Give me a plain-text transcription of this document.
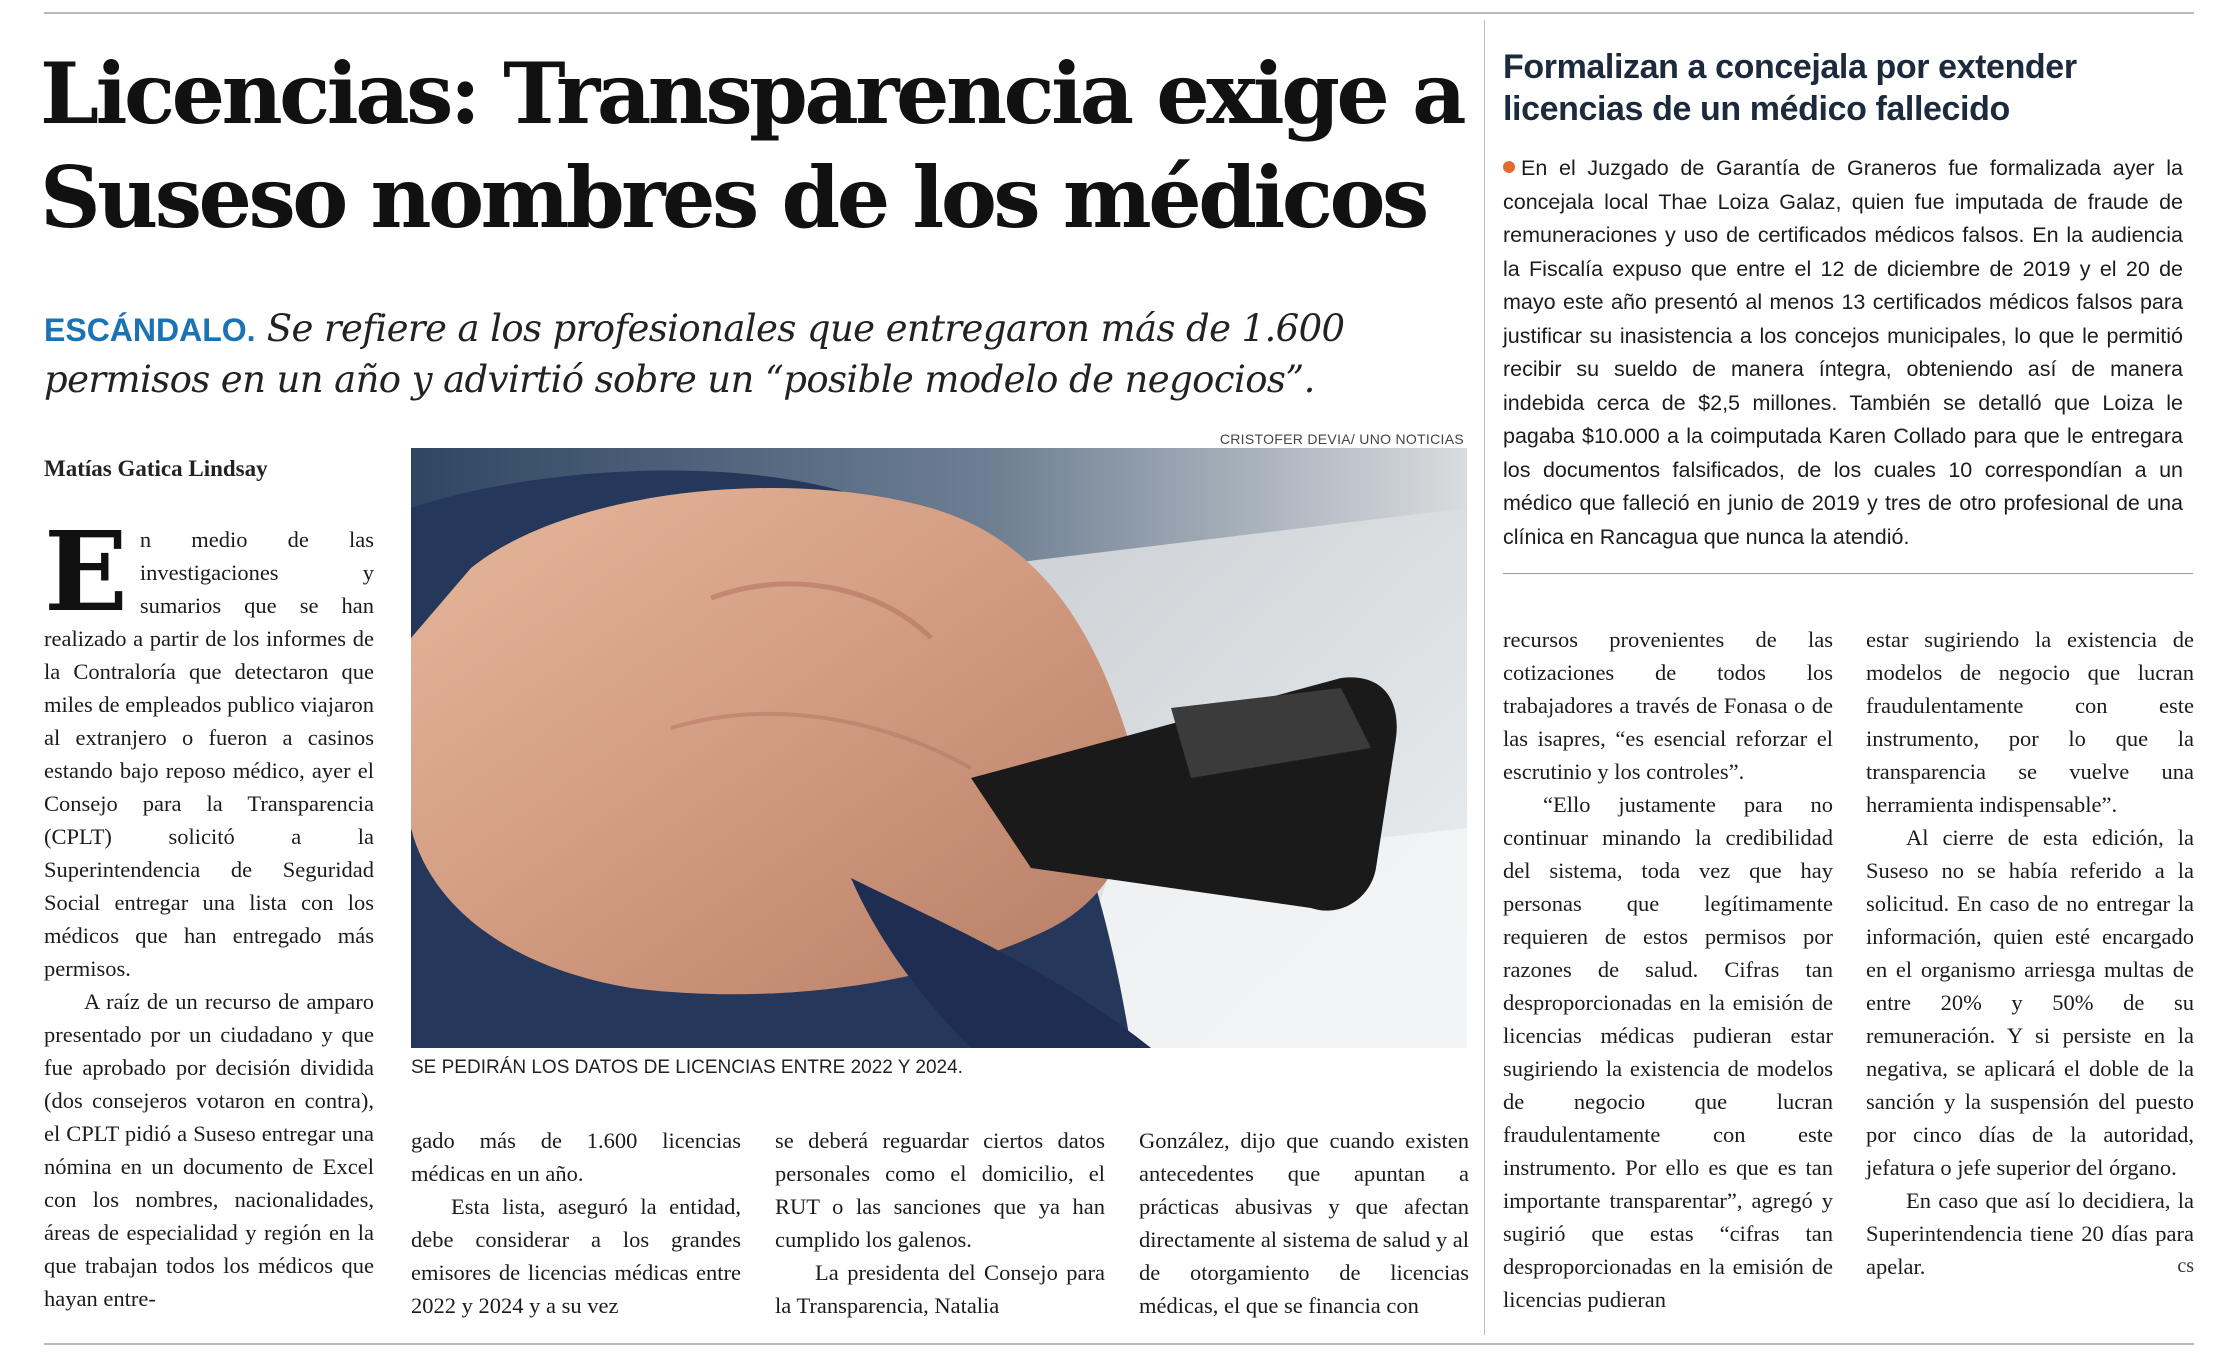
Licencias: Transparencia exige a Suseso nombres de los médicos
ESCÁNDALO. Se refiere a los profesionales que entregaron más de 1.600 permisos en un año y advirtió sobre un “posible modelo de negocios”.
Matías Gatica Lindsay
CRISTOFER DEVIA/ UNO NOTICIAS
SE PEDIRÁN LOS DATOS DE LICENCIAS ENTRE 2022 Y 2024.
E n medio de las investigaciones y sumarios que se han realizado a partir de los informes de la Contraloría que detectaron que miles de empleados publico viajaron al extranjero o fueron a casinos estando bajo reposo médico, ayer el Consejo para la Transparencia (CPLT) solicitó a la Superintendencia de Seguridad Social entregar una lista con los médicos que han entregado más permisos.

A raíz de un recurso de amparo presentado por un ciudadano y que fue aprobado por decisión dividida (dos consejeros votaron en contra), el CPLT pidió a Suseso entregar una nómina en un documento de Excel con los nombres, nacionalidades, áreas de especialidad y región en la que trabajan todos los médicos que hayan entre-

gado más de 1.600 licencias médicas en un año.

Esta lista, aseguró la entidad, debe considerar a los grandes emisores de licencias médicas entre 2022 y 2024 y a su vez

se deberá reguardar ciertos datos personales como el domicilio, el RUT o las sanciones que ya han cumplido los galenos.

La presidenta del Consejo para la Transparencia, Natalia

González, dijo que cuando existen antecedentes que apuntan a prácticas abusivas y que afectan directamente al sistema de salud y al de otorgamiento de licencias médicas, el que se financia con

recursos provenientes de las cotizaciones de todos los trabajadores a través de Fonasa o de las isapres, “es esencial reforzar el escrutinio y los controles”.

“Ello justamente para no continuar minando la credibilidad del sistema, toda vez que hay personas que legítimamente requieren de estos permisos por razones de salud. Cifras tan desproporcionadas en la emisión de licencias médicas pudieran estar sugiriendo la existencia de modelos de negocio que lucran fraudulentamente con este instrumento. Por ello es que es tan importante transparentar”, agregó y sugirió que estas “cifras tan desproporcionadas en la emisión de licencias pudieran

estar sugiriendo la existencia de modelos de negocio que lucran fraudulentamente con este instrumento, por lo que la transparencia se vuelve una herramienta indispensable”.

Al cierre de esta edición, la Suseso no se había referido a la solicitud. En caso de no entregar la información, quien esté encargado en el organismo arriesga multas de entre 20% y 50% de su remuneración. Y si persiste en la negativa, se aplicará el doble de la sanción y la suspensión del puesto por cinco días de la autoridad, jefatura o jefe superior del órgano.

En caso que así lo decidiera, la Superintendencia tiene 20 días para apelar.	cs

Formalizan a concejala por extender licencias de un médico fallecido
En el Juzgado de Garantía de Graneros fue formalizada ayer la concejala local Thae Loiza Galaz, quien fue imputada de fraude de remuneraciones y uso de certificados médicos falsos. En la audiencia la Fiscalía expuso que entre el 12 de diciembre de 2019 y el 20 de mayo este año presentó al menos 13 certificados médicos falsos para justificar su inasistencia a los concejos municipales, lo que le permitió recibir su sueldo de manera íntegra, obteniendo así de manera indebida cerca de $2,5 millones. También se detalló que Loiza le pagaba $10.000 a la coimputada Karen Collado para que le entregara los documentos falsificados, de los cuales 10 correspondían a un médico que falleció en junio de 2019 y tres de otro profesional de una clínica en Rancagua que nunca la atendió.
